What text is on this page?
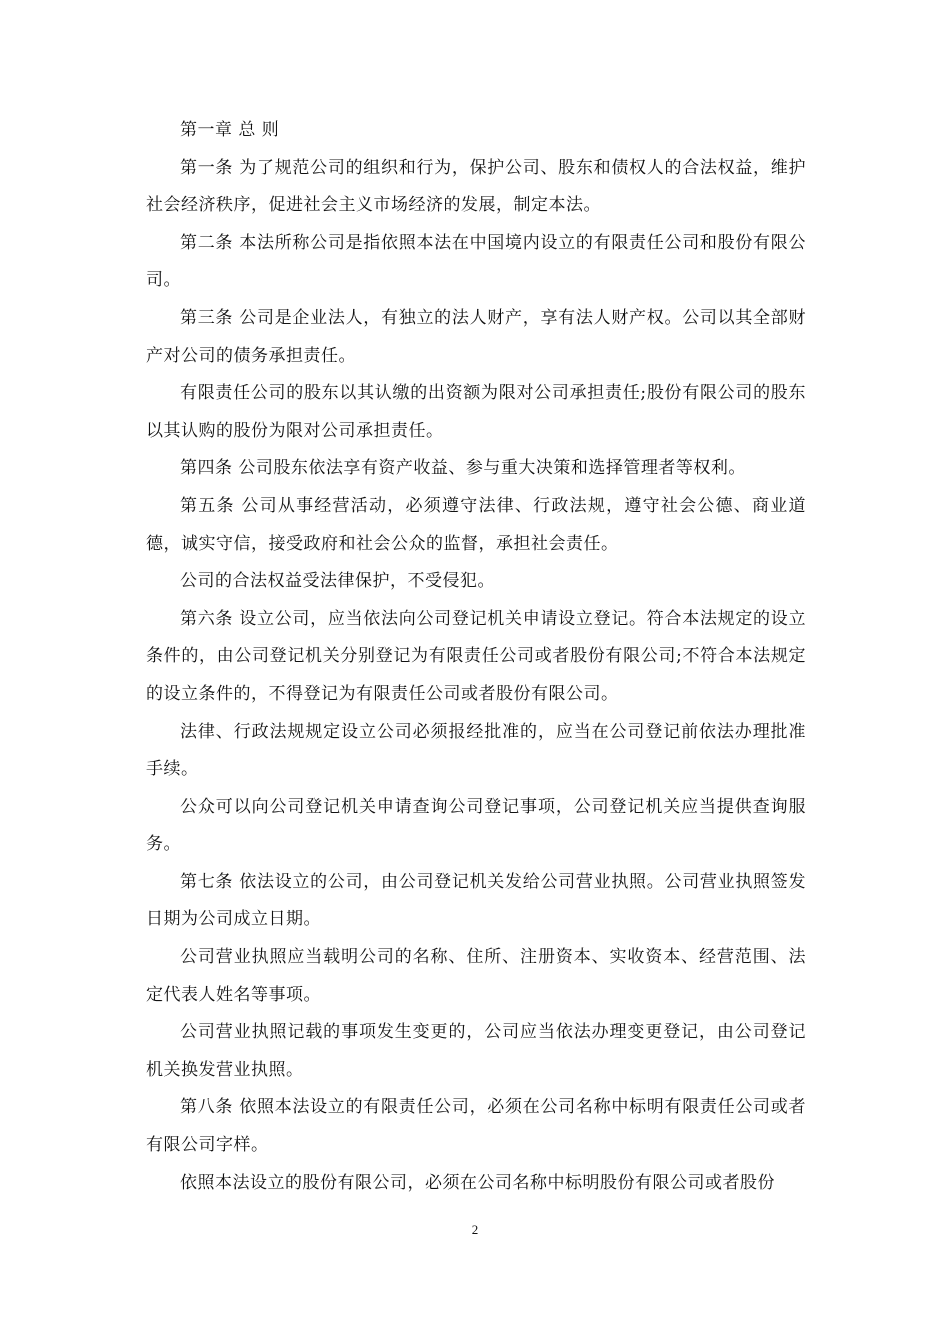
第一章 总 则

第一条 为了规范公司的组织和行为，保护公司、股东和债权人的合法权益，维护社会经济秩序，促进社会主义市场经济的发展，制定本法。

第二条 本法所称公司是指依照本法在中国境内设立的有限责任公司和股份有限公司。

第三条 公司是企业法人，有独立的法人财产，享有法人财产权。公司以其全部财产对公司的债务承担责任。

有限责任公司的股东以其认缴的出资额为限对公司承担责任;股份有限公司的股东以其认购的股份为限对公司承担责任。

第四条 公司股东依法享有资产收益、参与重大决策和选择管理者等权利。

第五条 公司从事经营活动，必须遵守法律、行政法规，遵守社会公德、商业道德，诚实守信，接受政府和社会公众的监督，承担社会责任。

公司的合法权益受法律保护，不受侵犯。

第六条 设立公司，应当依法向公司登记机关申请设立登记。符合本法规定的设立条件的，由公司登记机关分别登记为有限责任公司或者股份有限公司;不符合本法规定的设立条件的，不得登记为有限责任公司或者股份有限公司。

法律、行政法规规定设立公司必须报经批准的，应当在公司登记前依法办理批准手续。

公众可以向公司登记机关申请查询公司登记事项，公司登记机关应当提供查询服务。

第七条 依法设立的公司，由公司登记机关发给公司营业执照。公司营业执照签发日期为公司成立日期。

公司营业执照应当载明公司的名称、住所、注册资本、实收资本、经营范围、法定代表人姓名等事项。

公司营业执照记载的事项发生变更的，公司应当依法办理变更登记，由公司登记机关换发营业执照。

第八条 依照本法设立的有限责任公司，必须在公司名称中标明有限责任公司或者有限公司字样。

依照本法设立的股份有限公司，必须在公司名称中标明股份有限公司或者股份

2
